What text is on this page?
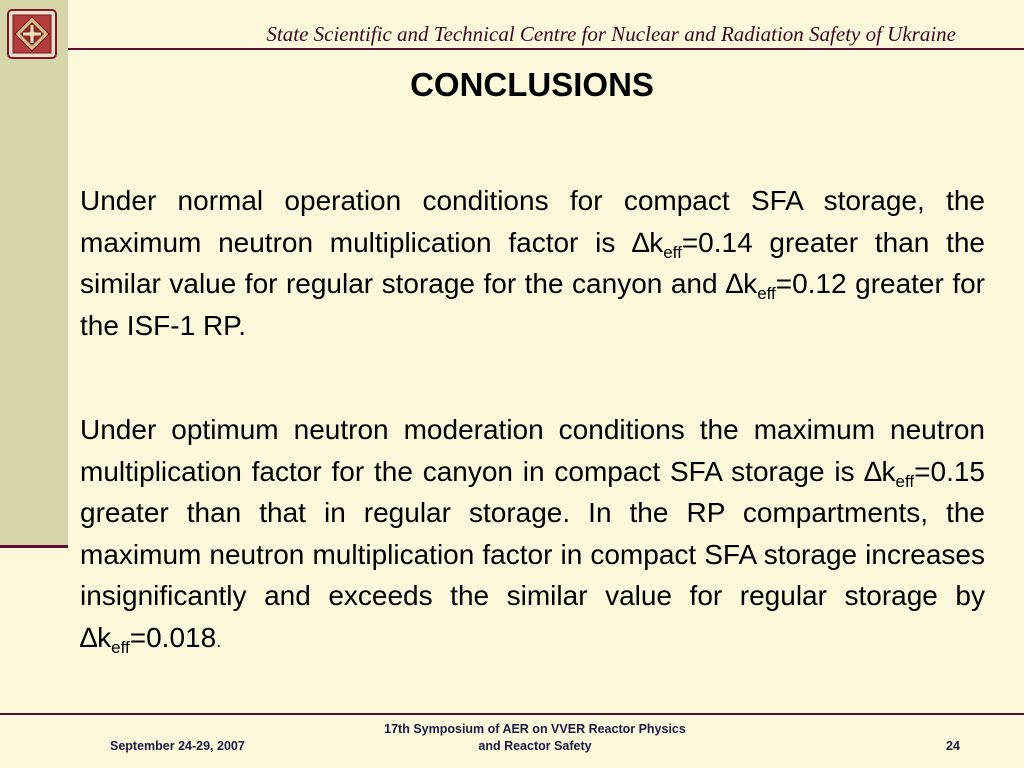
State Scientific and Technical Centre for Nuclear and Radiation Safety of Ukraine
CONCLUSIONS
Under normal operation conditions for compact SFA storage, the maximum neutron multiplication factor is $\Delta k_{eff}=0.14$ greater than the similar value for regular storage for the canyon and $\Delta k_{eff}=0.12$ greater for the ISF-1 RP.
Under optimum neutron moderation conditions the maximum neutron multiplication factor for the canyon in compact SFA storage is $\Delta k_{eff}=0.15$ greater than that in regular storage. In the RP compartments, the maximum neutron multiplication factor in compact SFA storage increases insignificantly and exceeds the similar value for regular storage by $\Delta k_{eff}=0.018$.
September 24-29, 2007
17th Symposium of AER on VVER Reactor Physics
and Reactor Safety	24
